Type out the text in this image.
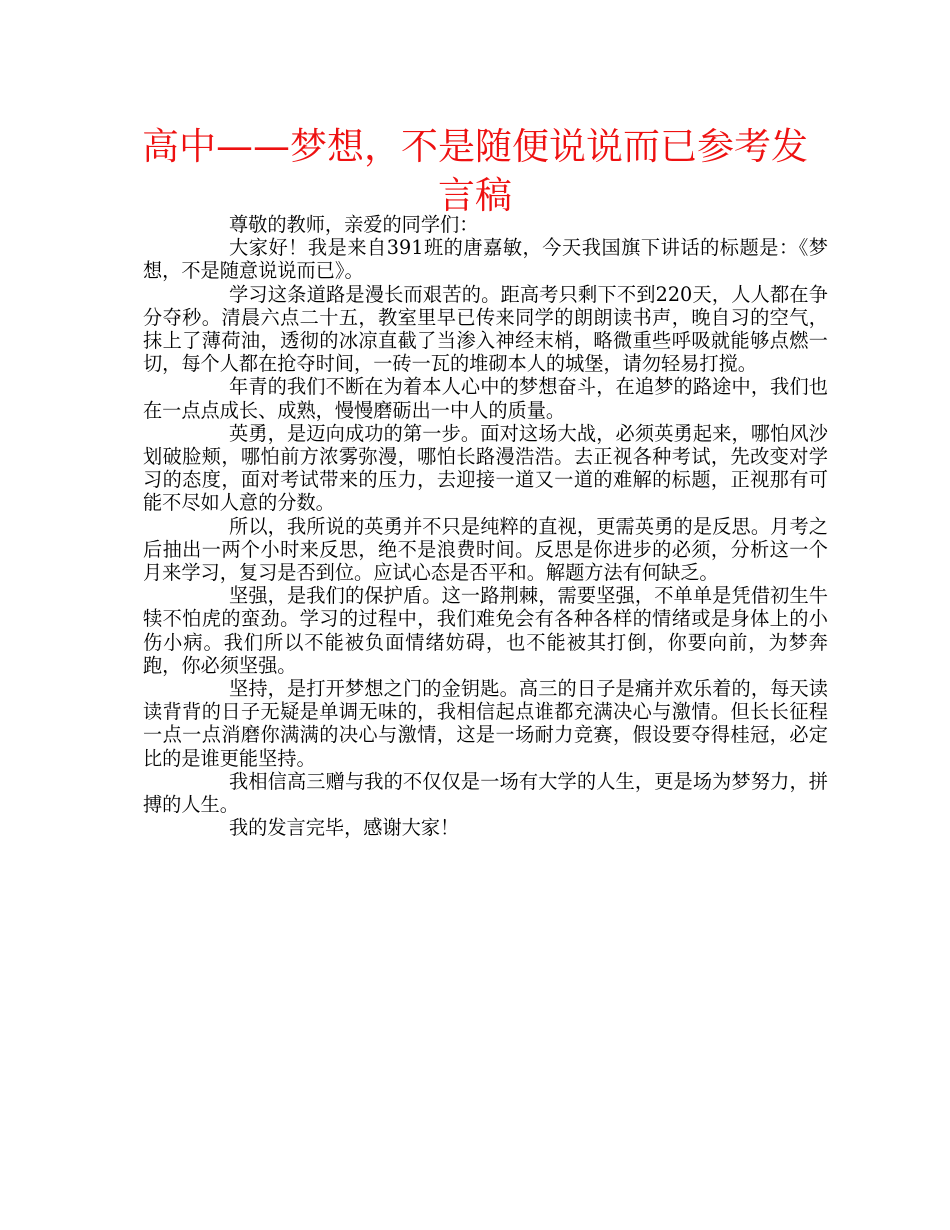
高中——梦想，不是随便说说而已参考发言稿

尊敬的教师，亲爱的同学们：

大家好！我是来自391班的唐嘉敏，今天我国旗下讲话的标题是：《梦想，不是随意说说而已》。

学习这条道路是漫长而艰苦的。距高考只剩下不到220天，人人都在争分夺秒。清晨六点二十五，教室里早已传来同学的朗朗读书声，晚自习的空气，抹上了薄荷油，透彻的冰凉直截了当渗入神经末梢，略微重些呼吸就能够点燃一切，每个人都在抢夺时间，一砖一瓦的堆砌本人的城堡，请勿轻易打搅。

年青的我们不断在为着本人心中的梦想奋斗，在追梦的路途中，我们也在一点点成长、成熟，慢慢磨砺出一中人的质量。

英勇，是迈向成功的第一步。面对这场大战，必须英勇起来，哪怕风沙划破脸颊，哪怕前方浓雾弥漫，哪怕长路漫浩浩。去正视各种考试，先改变对学习的态度，面对考试带来的压力，去迎接一道又一道的难解的标题，正视那有可能不尽如人意的分数。

所以，我所说的英勇并不只是纯粹的直视，更需英勇的是反思。月考之后抽出一两个小时来反思，绝不是浪费时间。反思是你进步的必须，分析这一个月来学习，复习是否到位。应试心态是否平和。解题方法有何缺乏。

坚强，是我们的保护盾。这一路荆棘，需要坚强，不单单是凭借初生牛犊不怕虎的蛮劲。学习的过程中，我们难免会有各种各样的情绪或是身体上的小伤小病。我们所以不能被负面情绪妨碍，也不能被其打倒，你要向前，为梦奔跑，你必须坚强。

坚持，是打开梦想之门的金钥匙。高三的日子是痛并欢乐着的，每天读读背背的日子无疑是单调无味的，我相信起点谁都充满决心与激情。但长长征程一点一点消磨你满满的决心与激情，这是一场耐力竞赛，假设要夺得桂冠，必定比的是谁更能坚持。

我相信高三赠与我的不仅仅是一场有大学的人生，更是场为梦努力，拼搏的人生。

我的发言完毕，感谢大家！
